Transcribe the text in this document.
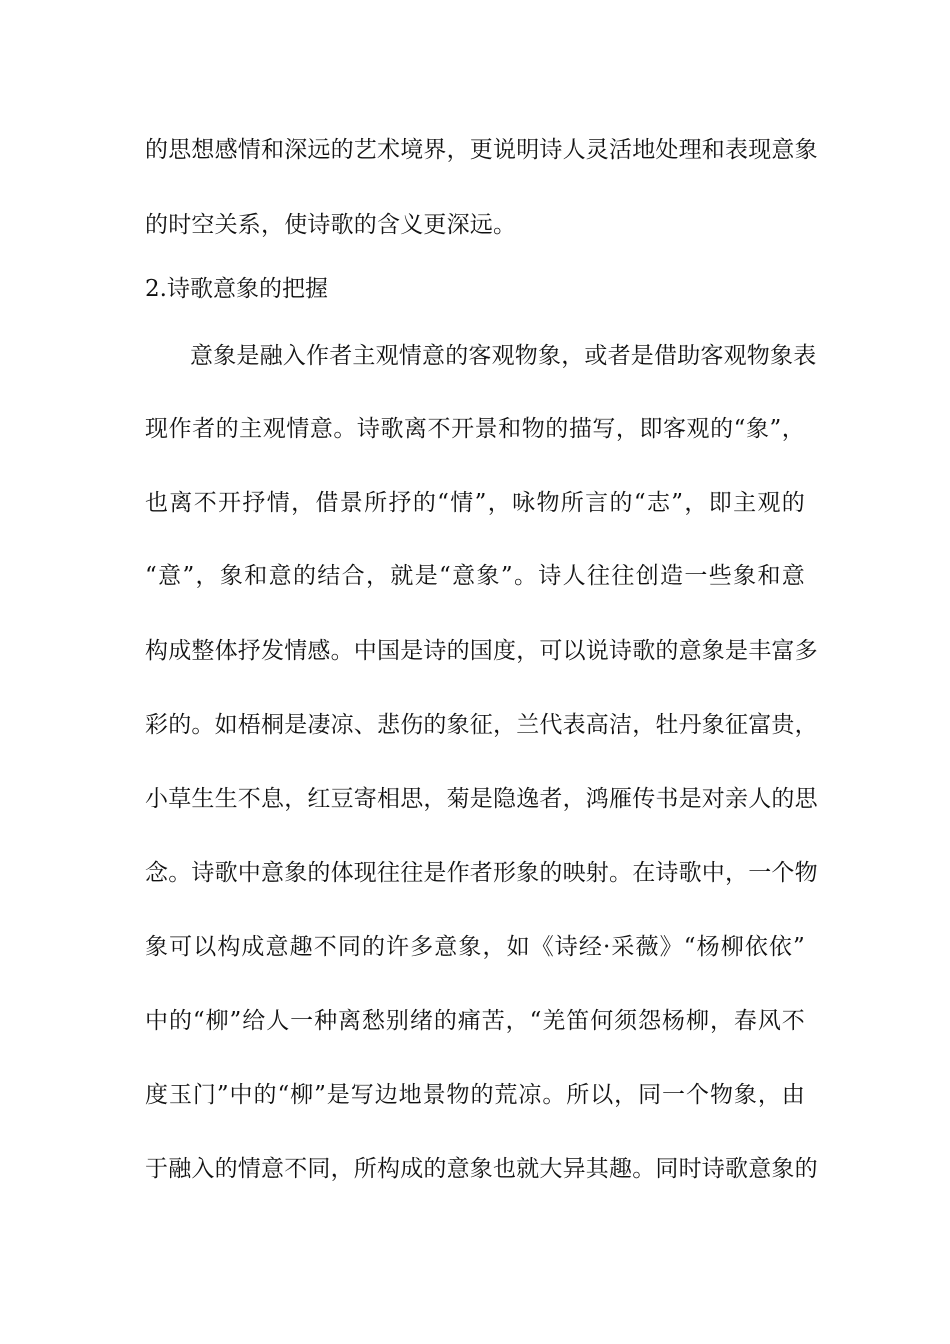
的思想感情和深远的艺术境界，更说明诗人灵活地处理和表现意象
的时空关系，使诗歌的含义更深远。
2.诗歌意象的把握
意象是融入作者主观情意的客观物象，或者是借助客观物象表
现作者的主观情意。诗歌离不开景和物的描写，即客观的“象”，
也离不开抒情，借景所抒的“情”，咏物所言的“志”，即主观的
“意”，象和意的结合，就是“意象”。诗人往往创造一些象和意
构成整体抒发情感。中国是诗的国度，可以说诗歌的意象是丰富多
彩的。如梧桐是凄凉、悲伤的象征，兰代表高洁，牡丹象征富贵，
小草生生不息，红豆寄相思，菊是隐逸者，鸿雁传书是对亲人的思
念。诗歌中意象的体现往往是作者形象的映射。在诗歌中，一个物
象可以构成意趣不同的许多意象，如《诗经·采薇》“杨柳依依”
中的“柳”给人一种离愁别绪的痛苦，“羌笛何须怨杨柳，春风不
度玉门”中的“柳”是写边地景物的荒凉。所以，同一个物象，由
于融入的情意不同，所构成的意象也就大异其趣。同时诗歌意象的
